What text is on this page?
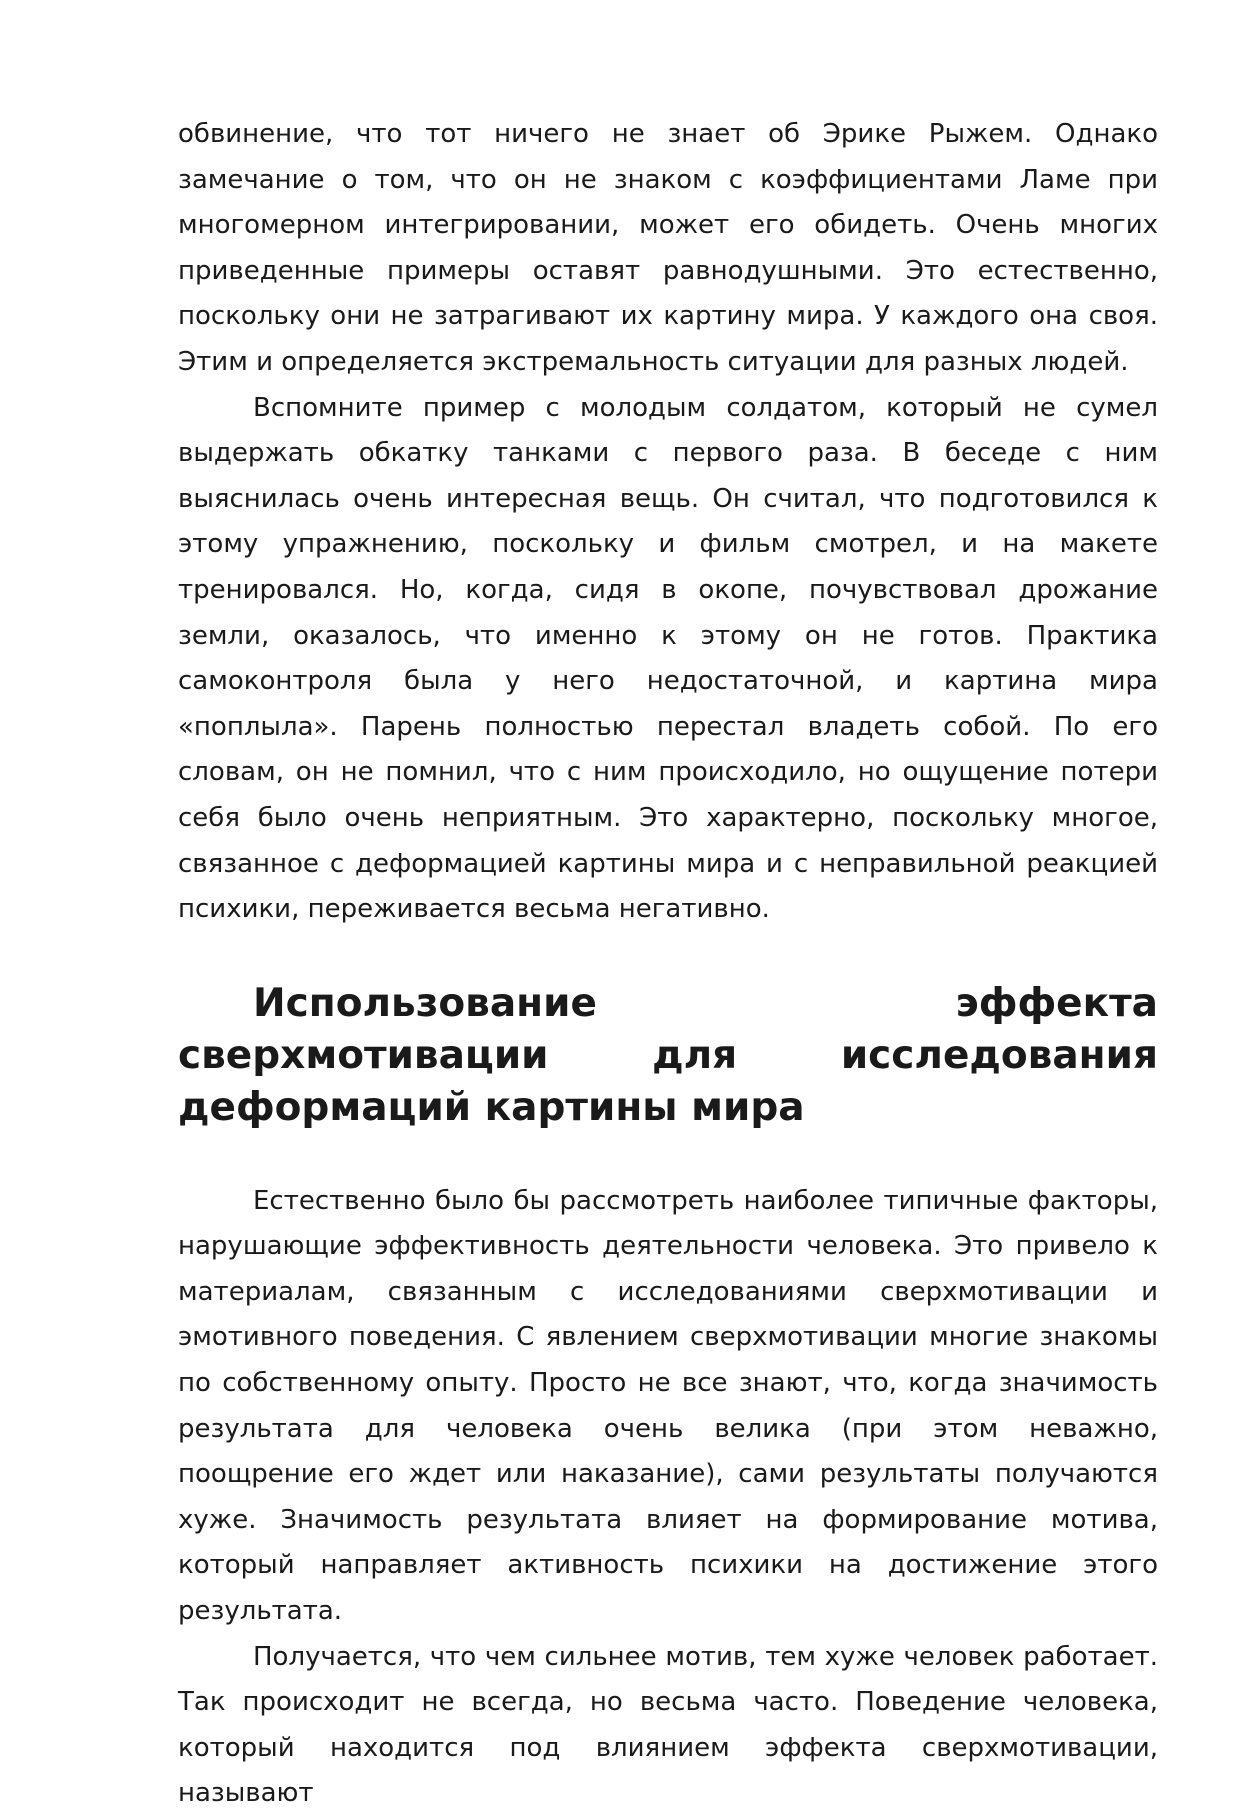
обвинение, что тот ничего не знает об Эрике Рыжем. Однако замечание о том, что он не знаком с коэффициентами Ламе при многомерном интегрировании, может его обидеть. Очень многих приведенные примеры оставят равнодушными. Это естественно, поскольку они не затрагивают их картину мира. У каждого она своя. Этим и определяется экстремальность ситуации для разных людей.

Вспомните пример с молодым солдатом, который не сумел выдержать обкатку танками с первого раза. В беседе с ним выяснилась очень интересная вещь. Он считал, что подготовился к этому упражнению, поскольку и фильм смотрел, и на макете тренировался. Но, когда, сидя в окопе, почувствовал дрожание земли, оказалось, что именно к этому он не готов. Практика самоконтроля была у него недостаточной, и картина мира «поплыла». Парень полностью перестал владеть собой. По его словам, он не помнил, что с ним происходило, но ощущение потери себя было очень неприятным. Это характерно, поскольку многое, связанное с деформацией картины мира и с неправильной реакцией психики, переживается весьма негативно.

Использование эффекта сверхмотивации для исследования деформаций картины мира

Естественно было бы рассмотреть наиболее типичные факторы, нарушающие эффективность деятельности человека. Это привело к материалам, связанным с исследованиями сверхмотивации и эмотивного поведения. С явлением сверхмотивации многие знакомы по собственному опыту. Просто не все знают, что, когда значимость результата для человека очень велика (при этом неважно, поощрение его ждет или наказание), сами результаты получаются хуже. Значимость результата влияет на формирование мотива, который направляет активность психики на достижение этого результата.

Получается, что чем сильнее мотив, тем хуже человек работает. Так происходит не всегда, но весьма часто. Поведение человека, который находится под влиянием эффекта сверхмотивации, называют
